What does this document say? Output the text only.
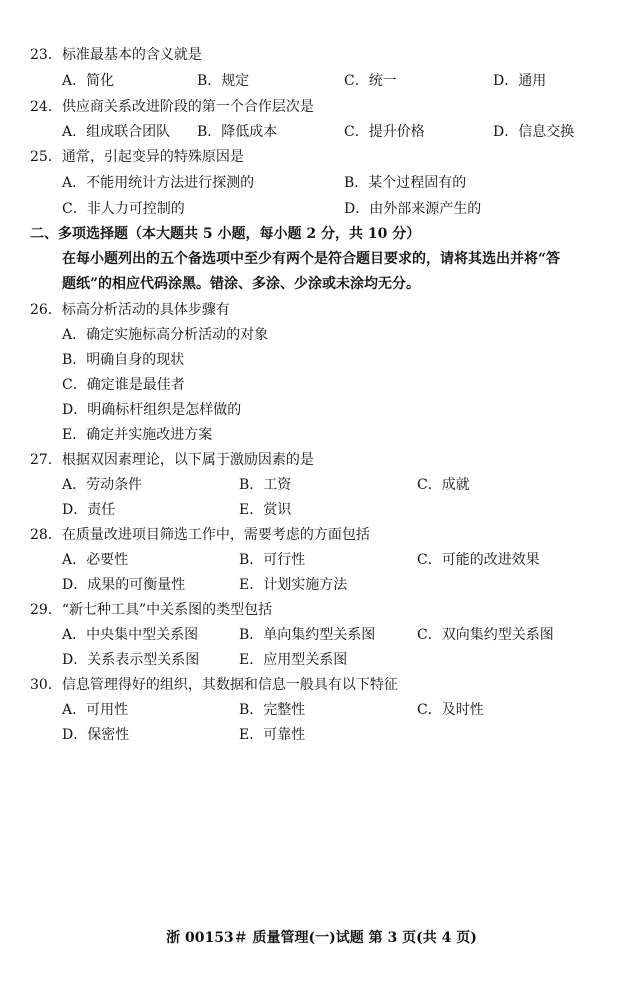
23．标准最基本的含义就是
A．简化	B．规定	C．统一	D．通用
24．供应商关系改进阶段的第一个合作层次是
A．组成联合团队 B．降低成本	C．提升价格	D．信息交换
25．通常，引起变异的特殊原因是
A．不能用统计方法进行探测的	B．某个过程固有的
C．非人力可控制的	D．由外部来源产生的
二、多项选择题（本大题共 5 小题，每小题 2 分，共 10 分）
在每小题列出的五个备选项中至少有两个是符合题目要求的，请将其选出并将“答
题纸”的相应代码涂黑。错涂、多涂、少涂或未涂均无分。
26．标高分析活动的具体步骤有
A．确定实施标高分析活动的对象
B．明确自身的现状
C．确定谁是最佳者
D．明确标杆组织是怎样做的
E．确定并实施改进方案
27．根据双因素理论，以下属于激励因素的是
A．劳动条件	B．工资	C．成就
D．责任	E．赏识
28．在质量改进项目筛选工作中，需要考虑的方面包括
A．必要性	B．可行性	C．可能的改进效果
D．成果的可衡量性	E．计划实施方法
29．“新七种工具”中关系图的类型包括
A．中央集中型关系图	B．单向集约型关系图	C．双向集约型关系图
D．关系表示型关系图	E．应用型关系图
30．信息管理得好的组织，其数据和信息一般具有以下特征
A．可用性	B．完整性	C．及时性
D．保密性	E．可靠性
浙 00153＃ 质量管理(一)试题 第 3 页(共 4 页)
